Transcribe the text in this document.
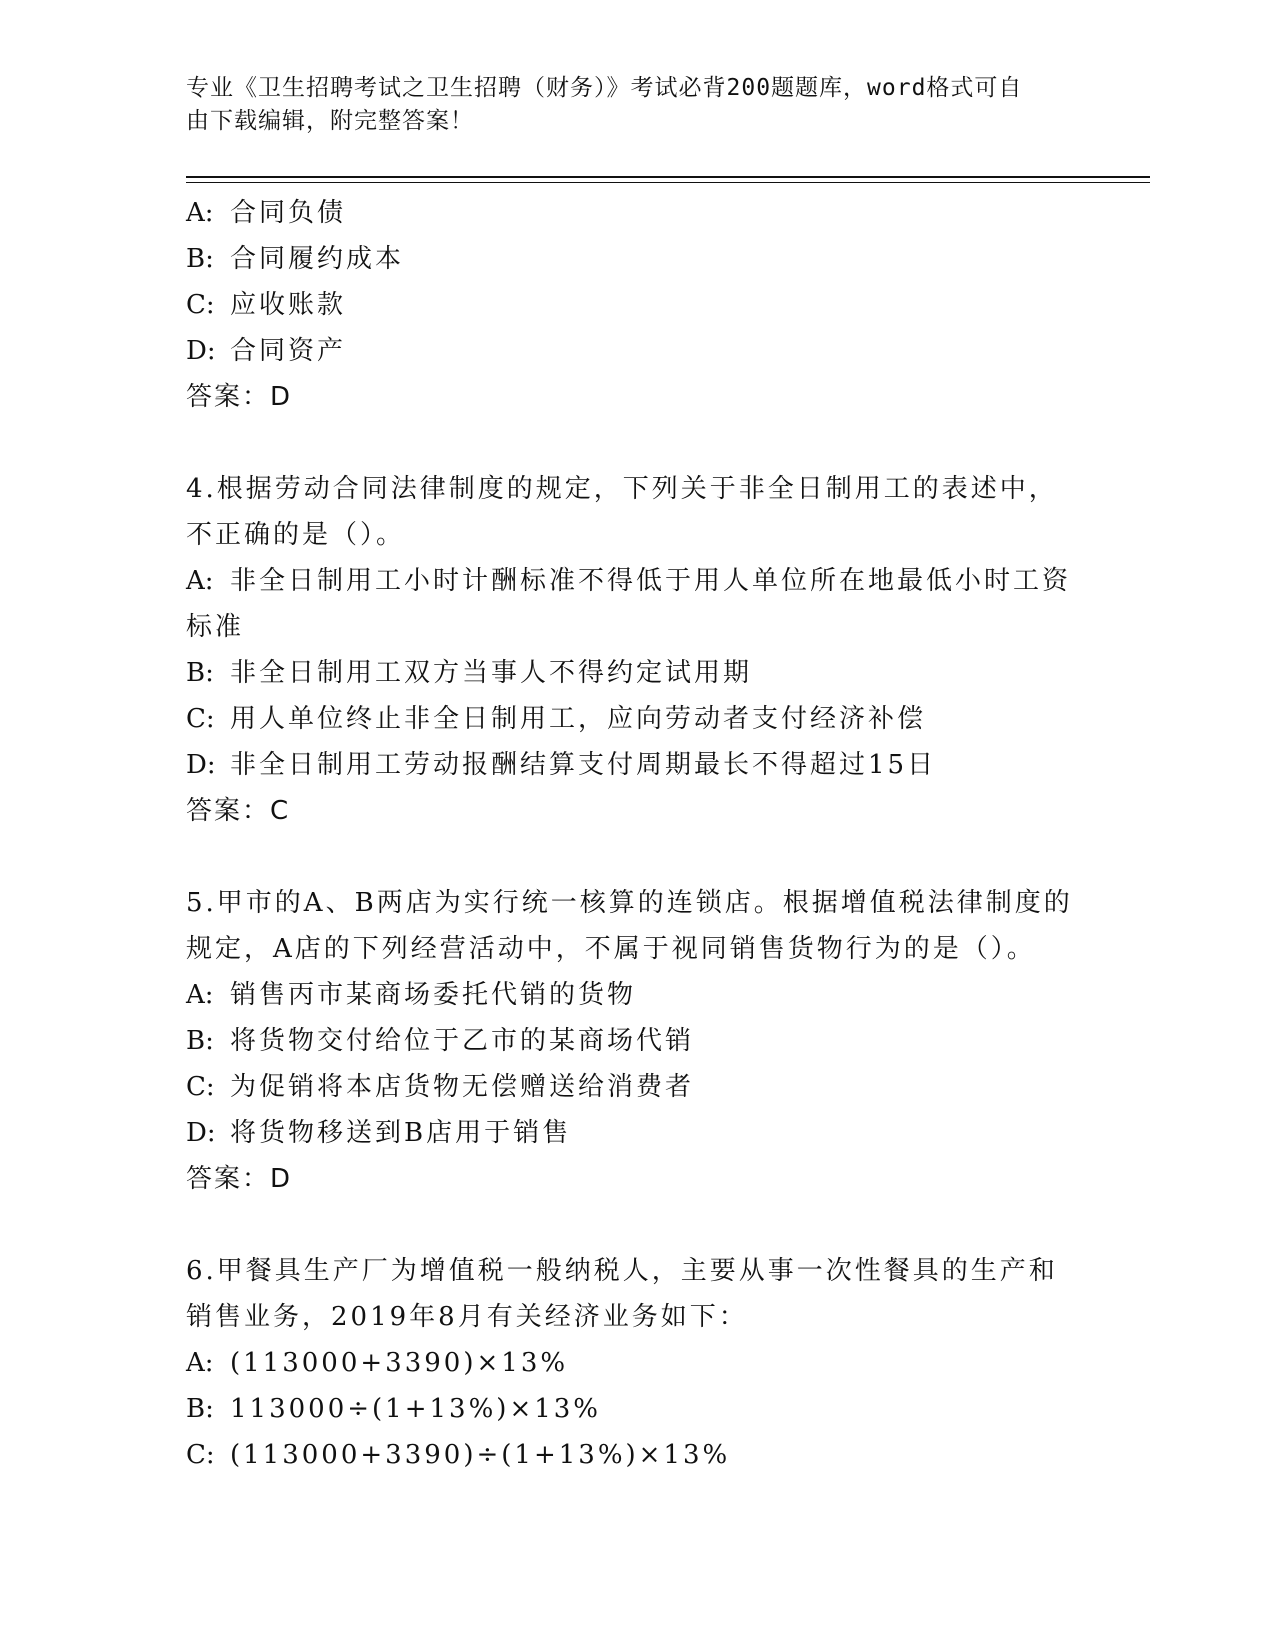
专业《卫生招聘考试之卫生招聘（财务）》考试必背200题题库，word格式可自
由下载编辑，附完整答案！
A: 合同负债
B: 合同履约成本
C: 应收账款
D: 合同资产
答案：D
4.根据劳动合同法律制度的规定，下列关于非全日制用工的表述中，
不正确的是（）。
A: 非全日制用工小时计酬标准不得低于用人单位所在地最低小时工资
标准
B: 非全日制用工双方当事人不得约定试用期
C: 用人单位终止非全日制用工，应向劳动者支付经济补偿
D: 非全日制用工劳动报酬结算支付周期最长不得超过15日
答案：C
5.甲市的A、B两店为实行统一核算的连锁店。根据增值税法律制度的
规定，A店的下列经营活动中，不属于视同销售货物行为的是（）。
A: 销售丙市某商场委托代销的货物
B: 将货物交付给位于乙市的某商场代销
C: 为促销将本店货物无偿赠送给消费者
D: 将货物移送到B店用于销售
答案：D
6.甲餐具生产厂为增值税一般纳税人，主要从事一次性餐具的生产和
销售业务，2019年8月有关经济业务如下：
A: (113000+3390)×13%
B: 113000÷(1+13%)×13%
C: (113000+3390)÷(1+13%)×13%
